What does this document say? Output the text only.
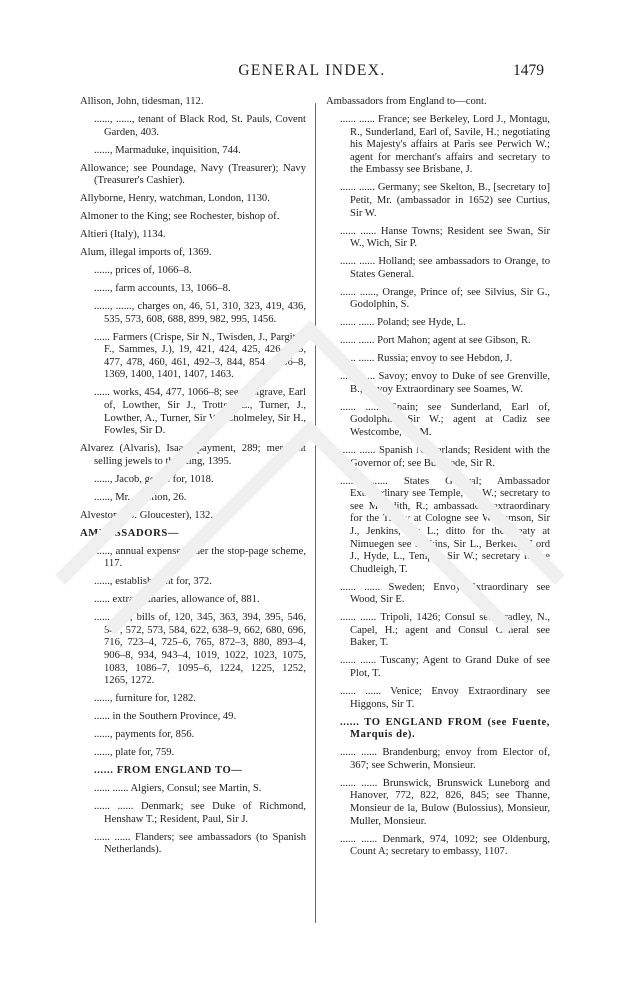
GENERAL INDEX.	1479

Allison, John, tidesman, 112.

......, ......, tenant of Black Rod, St. Pauls, Covent Garden, 403.

......, Marmaduke, inquisition, 744.

Allowance; see Poundage, Navy (Treasurer); Navy (Treasurer's Cashier).

Allyborne, Henry, watchman, London, 1130.

Almoner to the King; see Rochester, bishop of.

Altieri (Italy), 1134.

Alum, illegal imports of, 1369.

......, prices of, 1066–8.

......, farm accounts, 13, 1066–8.

......, ......, charges on, 46, 51, 310, 323, 419, 436, 535, 573, 608, 688, 899, 982, 995, 1456.

...... Farmers (Crispe, Sir N., Twisden, J., Pargiter, F., Sammes, J.), 19, 421, 424, 425, 426, 428, 477, 478, 460, 461, 492–3, 844, 854, 1066–8, 1369, 1400, 1401, 1407, 1463.

...... works, 454, 477, 1066–8; see Mulgrave, Earl of, Lowther, Sir J., Trotter, E., Turner, J., Lowther, A., Turner, Sir W., Cholmeley, Sir H., Fowles, Sir D.

Alvarez (Alvaris), Isaac, payment, 289; merchant selling jewels to the King, 1395.

......, Jacob, goods for, 1018.

......, Mr., petition, 26.

Alveston (co. Gloucester), 132.

AMBASSADORS—

......, annual expense under the stop-page scheme, 117.

......, establishment for, 372.

...... extraordinaries, allowance of, 881.

...... ......, bills of, 120, 345, 363, 394, 395, 546, 547, 572, 573, 584, 622, 638–9, 662, 680, 696, 716, 723–4, 725–6, 765, 872–3, 880, 893–4, 906–8, 934, 943–4, 1019, 1022, 1023, 1075, 1083, 1086–7, 1095–6, 1224, 1225, 1252, 1265, 1272.

......, furniture for, 1282.

...... in the Southern Province, 49.

......, payments for, 856.

......, plate for, 759.

...... FROM ENGLAND TO—

...... ...... Algiers, Consul; see Martin, S.

...... ...... Denmark; see Duke of Richmond, Henshaw T.; Resident, Paul, Sir J.

...... ...... Flanders; see ambassadors (to Spanish Netherlands).

Ambassadors from England to—cont.

...... ...... France; see Berkeley, Lord J., Montagu, R., Sunderland, Earl of, Savile, H.; negotiating his Majesty's affairs at Paris see Perwich W.; agent for merchant's affairs and secretary to the Embassy see Brisbane, J.

...... ...... Germany; see Skelton, B., [secretary to] Petit, Mr. (ambassador in 1652) see Curtius, Sir W.

...... ...... Hanse Towns; Resident see Swan, Sir W., Wich, Sir P.

...... ...... Holland; see ambassadors to Orange, to States General.

...... ......, Orange, Prince of; see Silvius, Sir G., Godolphin, S.

...... ...... Poland; see Hyde, L.

...... ...... Port Mahon; agent at see Gibson, R.

...... ...... Russia; envoy to see Hebdon, J.

...... ...... Savoy; envoy to Duke of see Grenville, B.; Envoy Extraordinary see Soames, W.

...... ...... Spain; see Sunderland, Earl of, Godolphin, Sir W.; agent at Cadiz see Westcombe, Sir M.

...... ...... Spanish Netherlands; Resident with the Governor of; see Bulstrode, Sir R.

...... ...... States General; Ambassador Extraordinary see Temple, Sir W.; secretary to see Meredith, R.; ambassadors extraordinary for the Treaty at Cologne see Williamson, Sir J., Jenkins, Sir L.; ditto for the treaty at Nimuegen see Jenkins, Sir L., Berkeley, Lord J., Hyde, L., Temple, Sir W.; secretary to see Chudleigh, T.

...... ...... Sweden; Envoy Extraordinary see Wood, Sir E.

...... ...... Tripoli, 1426; Consul see Bradley, N., Capel, H.; agent and Consul General see Baker, T.

...... ...... Tuscany; Agent to Grand Duke of see Plot, T.

...... ...... Venice; Envoy Extraordinary see Higgons, Sir T.

...... TO ENGLAND FROM (see Fuente, Marquis de).

...... ...... Brandenburg; envoy from Elector of, 367; see Schwerin, Monsieur.

...... ...... Brunswick, Brunswick Luneborg and Hanover, 772, 822, 826, 845; see Thanne, Monsieur de la, Bulow (Bulossius), Monsieur, Muller, Monsieur.

...... ...... Denmark, 974, 1092; see Oldenburg, Count A; secretary to embassy, 1107.
